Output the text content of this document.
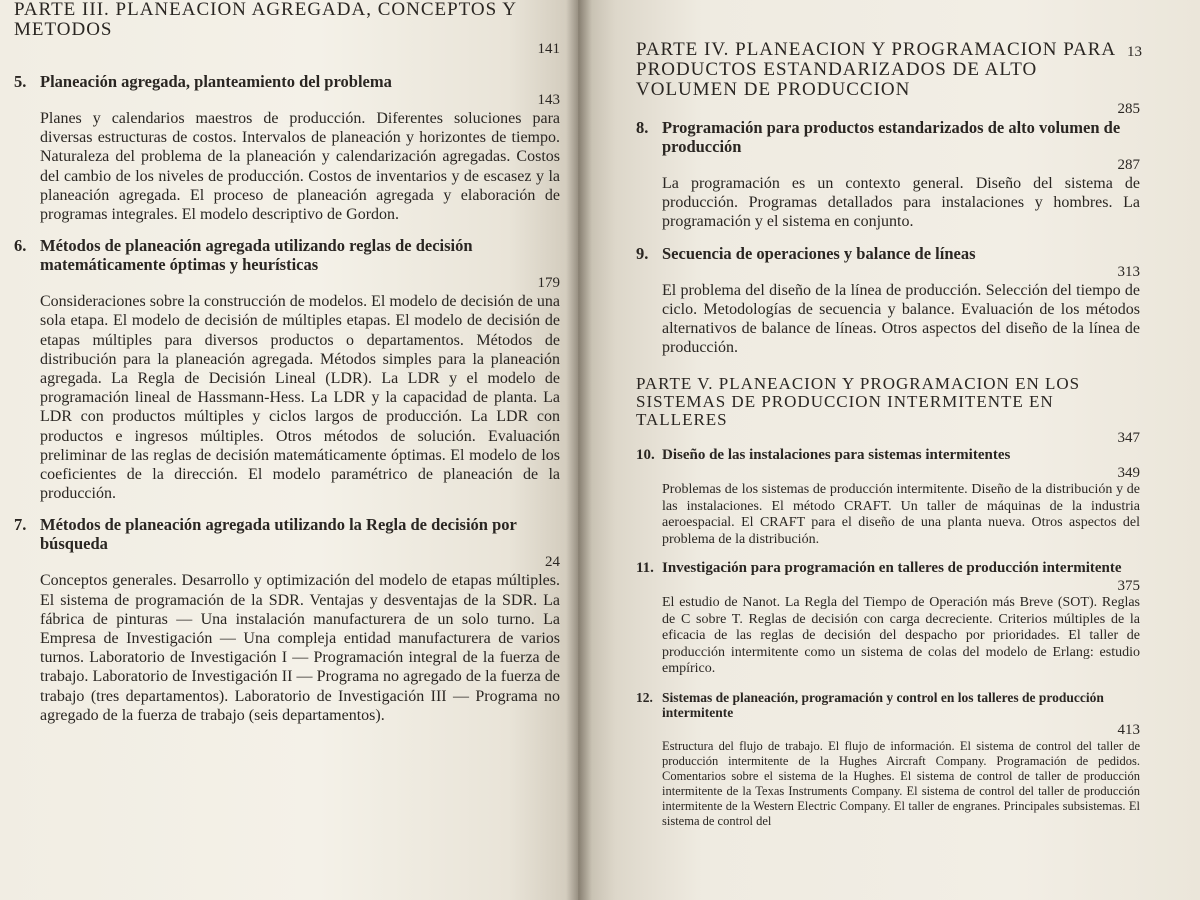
PARTE III. PLANEACION AGREGADA, CONCEPTOS Y METODOS
141
5. Planeación agregada, planteamiento del problema
143

Planes y calendarios maestros de producción. Diferentes soluciones para diversas estructuras de costos. Intervalos de planeación y horizontes de tiempo. Naturaleza del problema de la planeación y calendarización agregadas. Costos del cambio de los niveles de producción. Costos de inventarios y de escasez y la planeación agregada. El proceso de planeación agregada y elaboración de programas integrales. El modelo descriptivo de Gordon.

6. Métodos de planeación agregada utilizando reglas de decisión matemáticamente óptimas y heurísticas
179

Consideraciones sobre la construcción de modelos. El modelo de decisión de una sola etapa. El modelo de decisión de múltiples etapas. El modelo de decisión de etapas múltiples para diversos productos o departamentos. Métodos de distribución para la planeación agregada. Métodos simples para la planeación agregada. La Regla de Decisión Lineal (LDR). La LDR y el modelo de programación lineal de Hassmann-Hess. La LDR y la capacidad de planta. La LDR con productos múltiples y ciclos largos de producción. La LDR con productos e ingresos múltiples. Otros métodos de solución. Evaluación preliminar de las reglas de decisión matemáticamente óptimas. El modelo de los coeficientes de la dirección. El modelo paramétrico de planeación de la producción.

7. Métodos de planeación agregada utilizando la Regla de decisión por búsqueda
24

Conceptos generales. Desarrollo y optimización del modelo de etapas múltiples. El sistema de programación de la SDR. Ventajas y desventajas de la SDR. La fábrica de pinturas — Una instalación manufacturera de un solo turno. La Empresa de Investigación — Una compleja entidad manufacturera de varios turnos. Laboratorio de Investigación I — Programación integral de la fuerza de trabajo. Laboratorio de Investigación II — Programa no agregado de la fuerza de trabajo (tres departamentos). Laboratorio de Investigación III — Programa no agregado de la fuerza de trabajo (seis departamentos).

13
PARTE IV. PLANEACION Y PROGRAMACION PARA PRODUCTOS ESTANDARIZADOS DE ALTO VOLUMEN DE PRODUCCION
285
8. Programación para productos estandarizados de alto volumen de producción
287

La programación es un contexto general. Diseño del sistema de producción. Programas detallados para instalaciones y hombres. La programación y el sistema en conjunto.

9. Secuencia de operaciones y balance de líneas
313

El problema del diseño de la línea de producción. Selección del tiempo de ciclo. Metodologías de secuencia y balance. Evaluación de los métodos alternativos de balance de líneas. Otros aspectos del diseño de la línea de producción.

PARTE V. PLANEACION Y PROGRAMACION EN LOS SISTEMAS DE PRODUCCION INTERMITENTE EN TALLERES
347
10. Diseño de las instalaciones para sistemas intermitentes
349

Problemas de los sistemas de producción intermitente. Diseño de la distribución y de las instalaciones. El método CRAFT. Un taller de máquinas de la industria aeroespacial. El CRAFT para el diseño de una planta nueva. Otros aspectos del problema de la distribución.

11. Investigación para programación en talleres de producción intermitente
375

El estudio de Nanot. La Regla del Tiempo de Operación más Breve (SOT). Reglas de C sobre T. Reglas de decisión con carga decreciente. Criterios múltiples de la eficacia de las reglas de decisión del despacho por prioridades. El taller de producción intermitente como un sistema de colas del modelo de Erlang: estudio empírico.

12. Sistemas de planeación, programación y control en los talleres de producción intermitente
413

Estructura del flujo de trabajo. El flujo de información. El sistema de control del taller de producción intermitente de la Hughes Aircraft Company. Programación de pedidos. Comentarios sobre el sistema de la Hughes. El sistema de control de taller de producción intermitente de la Texas Instruments Company. El sistema de control del taller de producción intermitente de la Western Electric Company. El taller de engranes. Principales subsistemas. El sistema de control del
